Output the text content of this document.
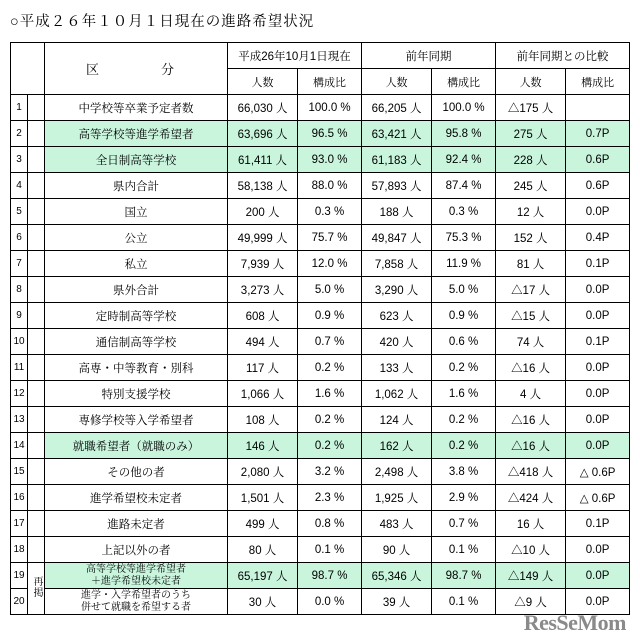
○平成２６年１０月１日現在の進路希望状況
		区　　分	平成26年10月1日現在		前年同期		前年同期との比較	
			人数	構成比	人数	構成比	人数	構成比
1		中学校等卒業予定者数	66,030 人	100.0 %	66,205 人	100.0 %	△175 人	
2		高等学校等進学希望者	63,696 人	96.5 %	63,421 人	95.8 %	275 人	0.7P
3		全日制高等学校	61,411 人	93.0 %	61,183 人	92.4 %	228 人	0.6P
4		県内合計	58,138 人	88.0 %	57,893 人	87.4 %	245 人	0.6P
5		国立	200 人	0.3 %	188 人	0.3 %	12 人	0.0P
6		公立	49,999 人	75.7 %	49,847 人	75.3 %	152 人	0.4P
7		私立	7,939 人	12.0 %	7,858 人	11.9 %	81 人	0.1P
8		県外合計	3,273 人	5.0 %	3,290 人	5.0 %	△17 人	0.0P
9		定時制高等学校	608 人	0.9 %	623 人	0.9 %	△15 人	0.0P
10		通信制高等学校	494 人	0.7 %	420 人	0.6 %	74 人	0.1P
11		高専・中等教育・別科	117 人	0.2 %	133 人	0.2 %	△16 人	0.0P
12		特別支援学校	1,066 人	1.6 %	1,062 人	1.6 %	4 人	0.0P
13		専修学校等入学希望者	108 人	0.2 %	124 人	0.2 %	△16 人	0.0P
14		就職希望者（就職のみ）	146 人	0.2 %	162 人	0.2 %	△16 人	0.0P
15		その他の者	2,080 人	3.2 %	2,498 人	3.8 %	△418 人	△ 0.6P
16		進学希望校未定者	1,501 人	2.3 %	1,925 人	2.9 %	△424 人	△ 0.6P
17		進路未定者	499 人	0.8 %	483 人	0.7 %	16 人	0.1P
18		上記以外の者	80 人	0.1 %	90 人	0.1 %	△10 人	0.0P
19	再掲	高等学校等進学希望者
＋進学希望校未定者	65,197 人	98.7 %	65,346 人	98.7 %	△149 人	0.0P
20		進学・入学希望者のうち
併せて就職を希望する者	30 人	0.0 %	39 人	0.1 %	△9 人	0.0P
ResSeMom
